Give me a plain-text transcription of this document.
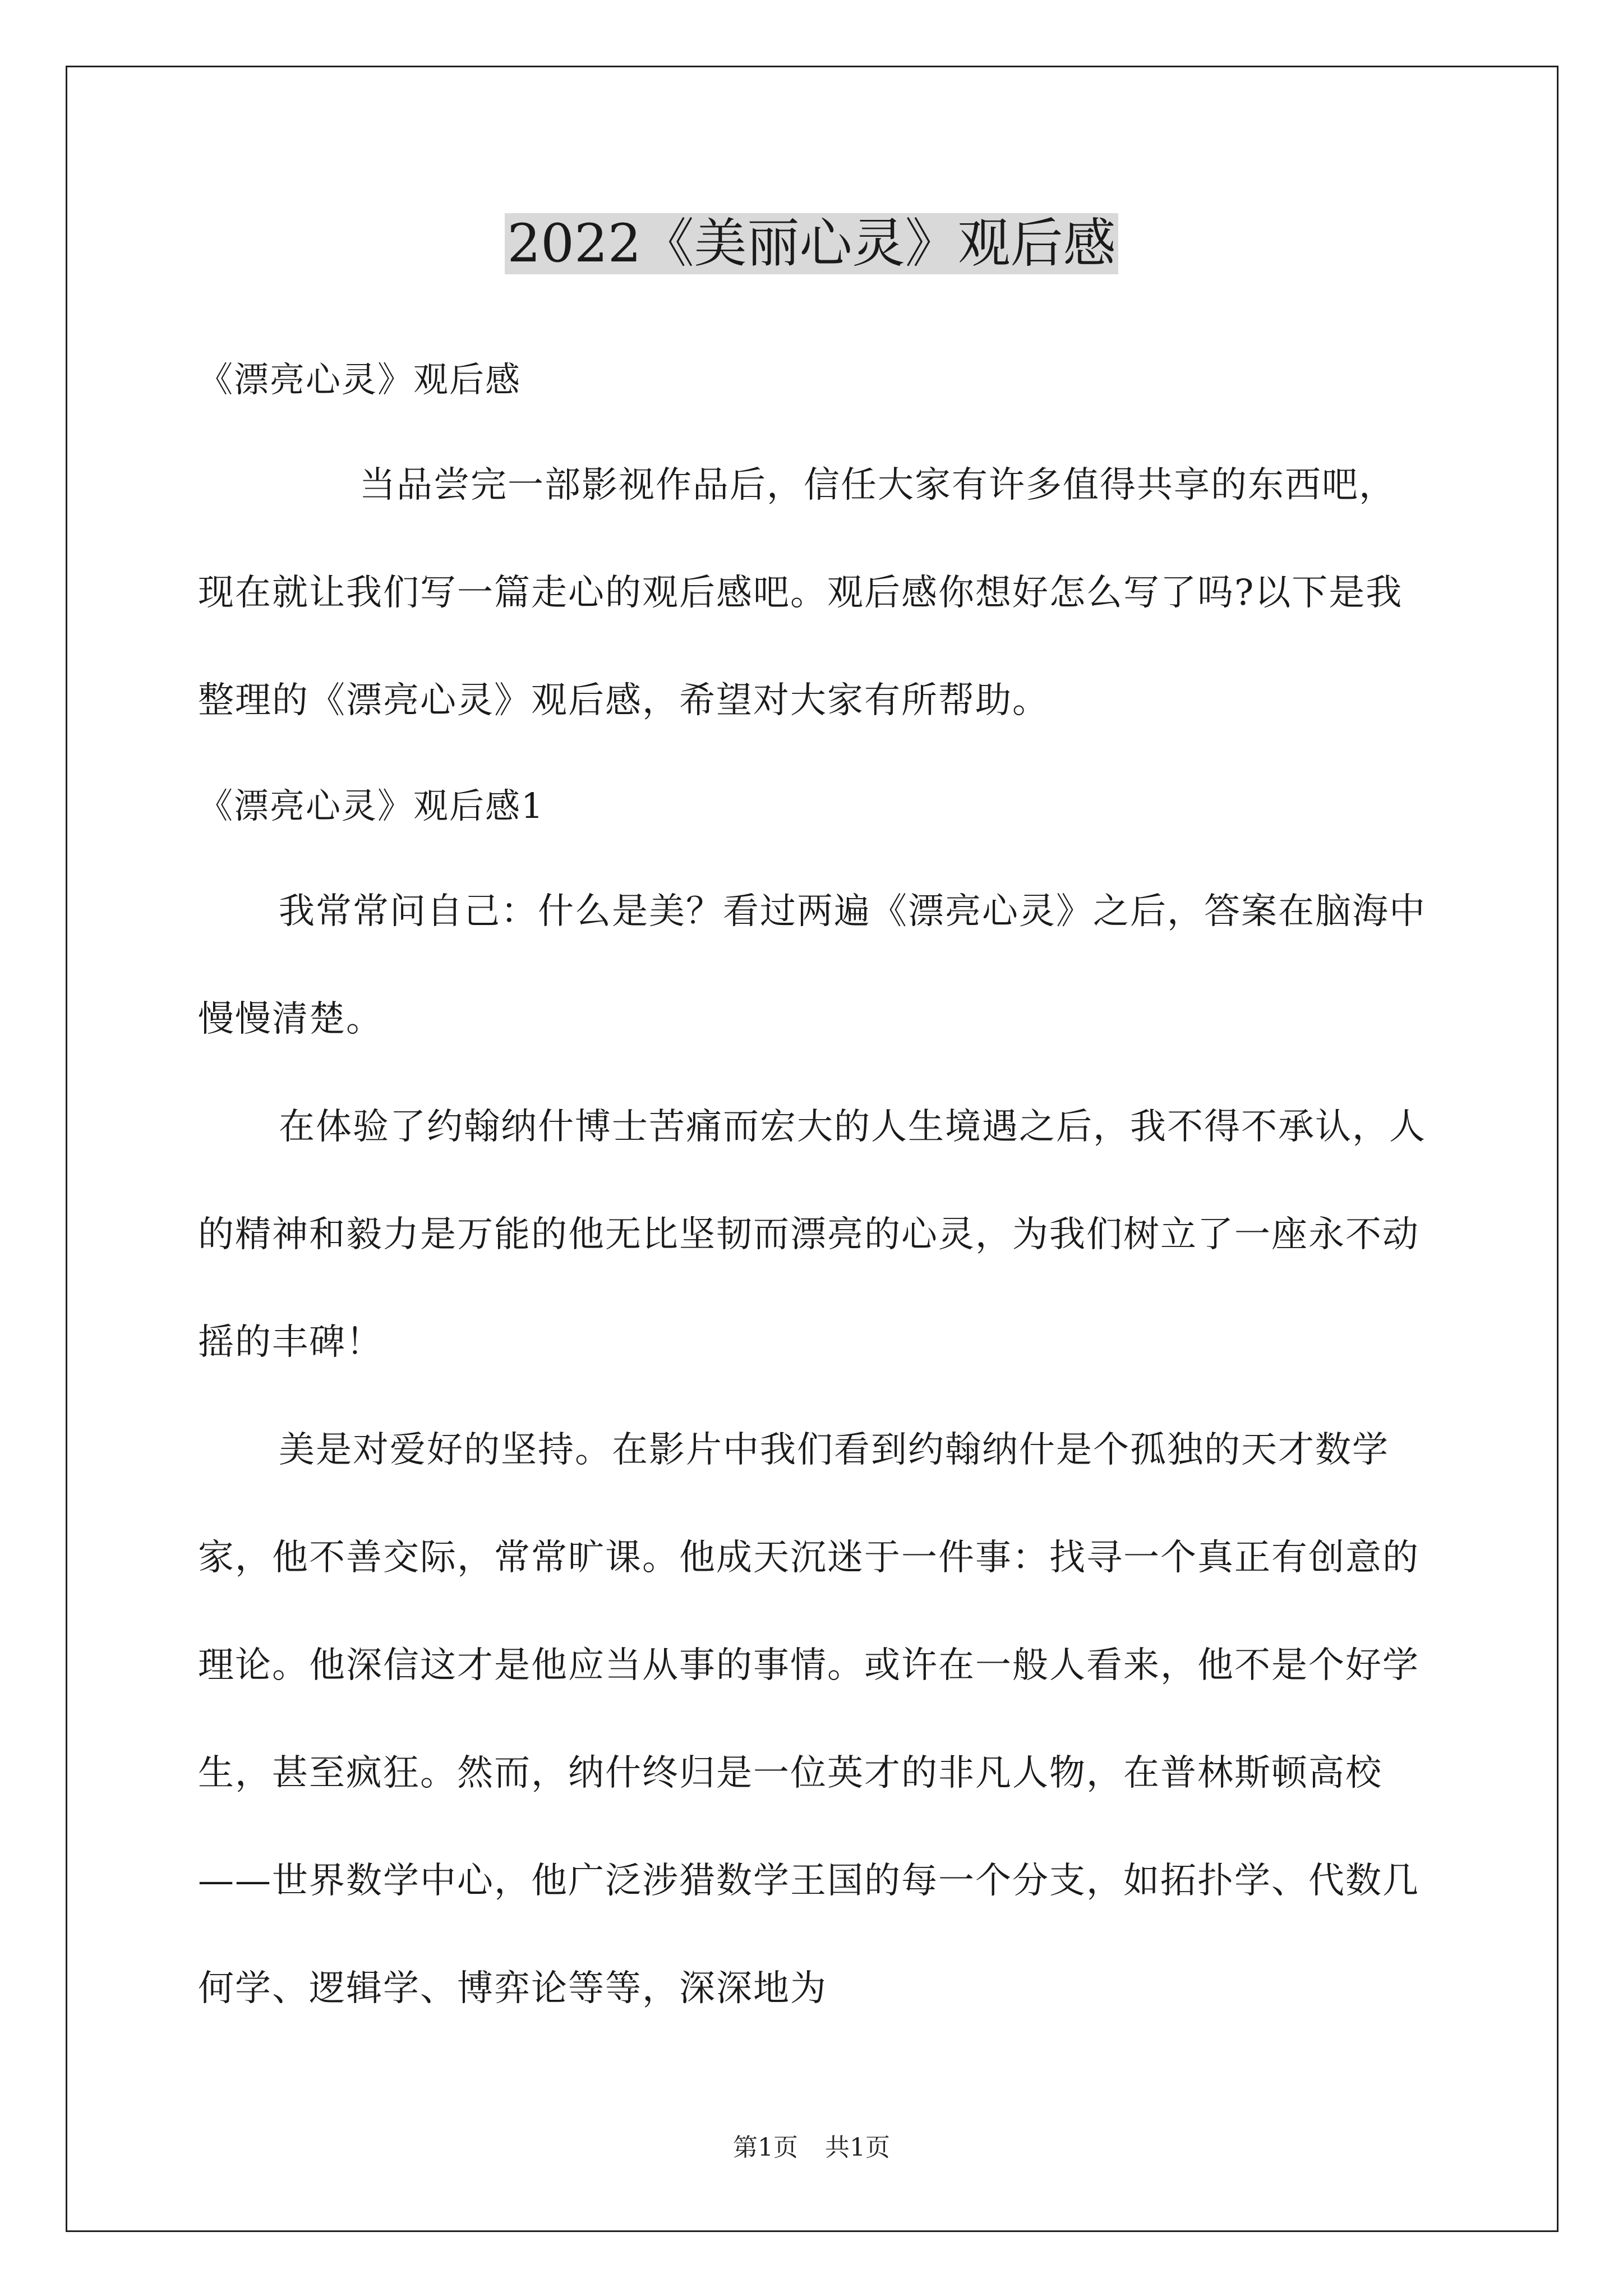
2022《美丽心灵》观后感

《漂亮心灵》观后感

当品尝完一部影视作品后，信任大家有许多值得共享的东西吧，现在就让我们写一篇走心的观后感吧。观后感你想好怎么写了吗?以下是我整理的《漂亮心灵》观后感，希望对大家有所帮助。

《漂亮心灵》观后感1

我常常问自己：什么是美？看过两遍《漂亮心灵》之后，答案在脑海中慢慢清楚。

在体验了约翰纳什博士苦痛而宏大的人生境遇之后，我不得不承认，人的精神和毅力是万能的他无比坚韧而漂亮的心灵，为我们树立了一座永不动摇的丰碑！

美是对爱好的坚持。在影片中我们看到约翰纳什是个孤独的天才数学家，他不善交际，常常旷课。他成天沉迷于一件事：找寻一个真正有创意的理论。他深信这才是他应当从事的事情。或许在一般人看来，他不是个好学生，甚至疯狂。然而，纳什终归是一位英才的非凡人物，在普林斯顿高校——世界数学中心，他广泛涉猎数学王国的每一个分支，如拓扑学、代数几何学、逻辑学、博弈论等等，深深地为

第1页 共1页
